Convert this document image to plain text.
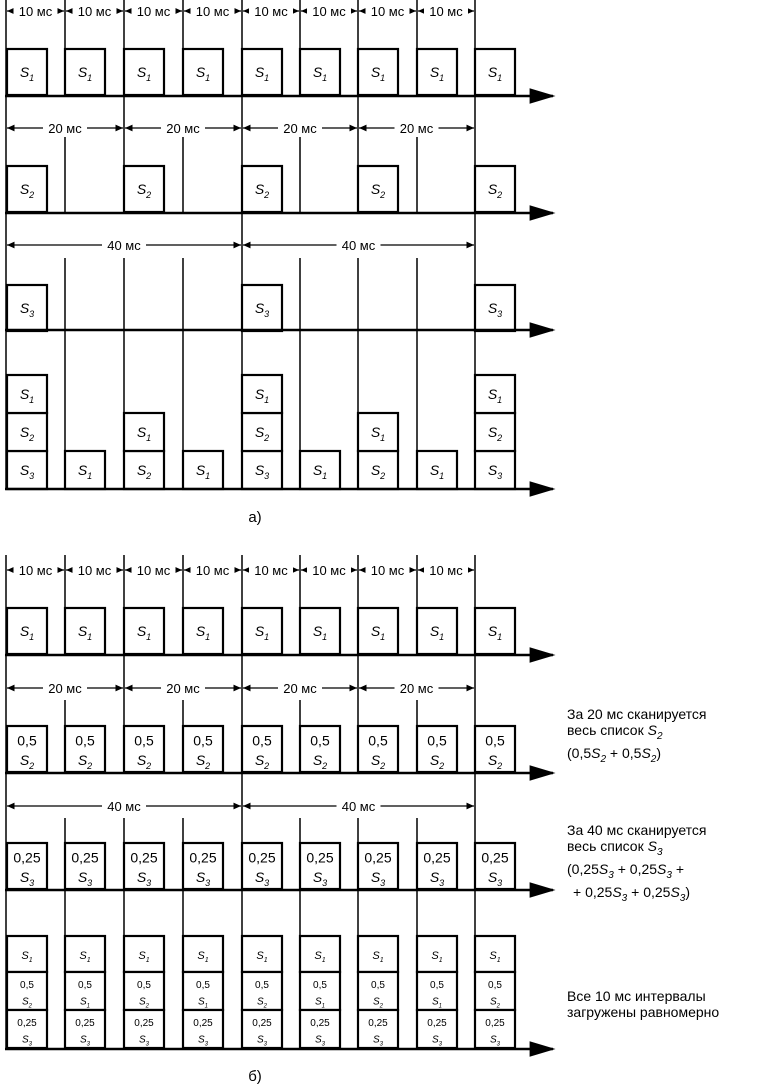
10 мс 10 мс 10 мс 10 мс 10 мс 10 мс 10 мс 10 мс
$S_1$	$S_1$	$S_1$	$S_1$	$S_1$	$S_1$	$S_1$	$S_1$	$S_1$
20 мс	20 мс	20 мс	20 мс
$S_2$	$S_2$	$S_2$	$S_2$	$S_2$
40 мс	40 мс
$S_3$	$S_3$	$S_3$
$S_3$
$S_2$
$S_1$
$S_1$	$S_2$
$S_1$
$S_1$	$S_3$
$S_2$
$S_1$
$S_1$	$S_2$
$S_1$
$S_1$	$S_3$
$S_2$
$S_1$
10 мс 10 мс 10 мс 10 мс 10 мс 10 мс 10 мс 10 мс
$S_1$	$S_1$	$S_1$	$S_1$	$S_1$	$S_1$	$S_1$	$S_1$	$S_1$
20 мс	20 мс	20 мс	20 мс
0,5
$S_2$
0,5
$S_2$
0,5
$S_2$
0,5
$S_2$
0,5
$S_2$
0,5
$S_2$
0,5
$S_2$
0,5
$S_2$
0,5
$S_2$
40 мс	40 мс
0,25
$S_3$
0,25
$S_3$
0,25
$S_3$
0,25
$S_3$
0,25
$S_3$
0,25
$S_3$
0,25
$S_3$
0,25
$S_3$
0,25
$S_3$
$S_1$
0,5
$S_2$
0,25
$S_3$
$S_1$
0,5
$S_1$
0,25
$S_3$
$S_1$
0,5
$S_2$
0,25
$S_3$
$S_1$
0,5
$S_1$
0,25
$S_3$
$S_1$
0,5
$S_2$
0,25
$S_3$
$S_1$
0,5
$S_1$
0,25
$S_3$
$S_1$
0,5
$S_2$
0,25
$S_3$
$S_1$
0,5
$S_1$
0,25
$S_3$
$S_1$
0,5
$S_2$
0,25
$S_3$
а)
б)
За 20 мс сканируется
весь список $S_2$
$(0,5S_2 + 0,5S_2)$
За 40 мс сканируется
весь список $S_3$
($0,25S_3 + 0,25S_3$ +
+ $0,25S_3 + 0,25S_3$)
Все 10 мс интервалы
загружены равномерно
